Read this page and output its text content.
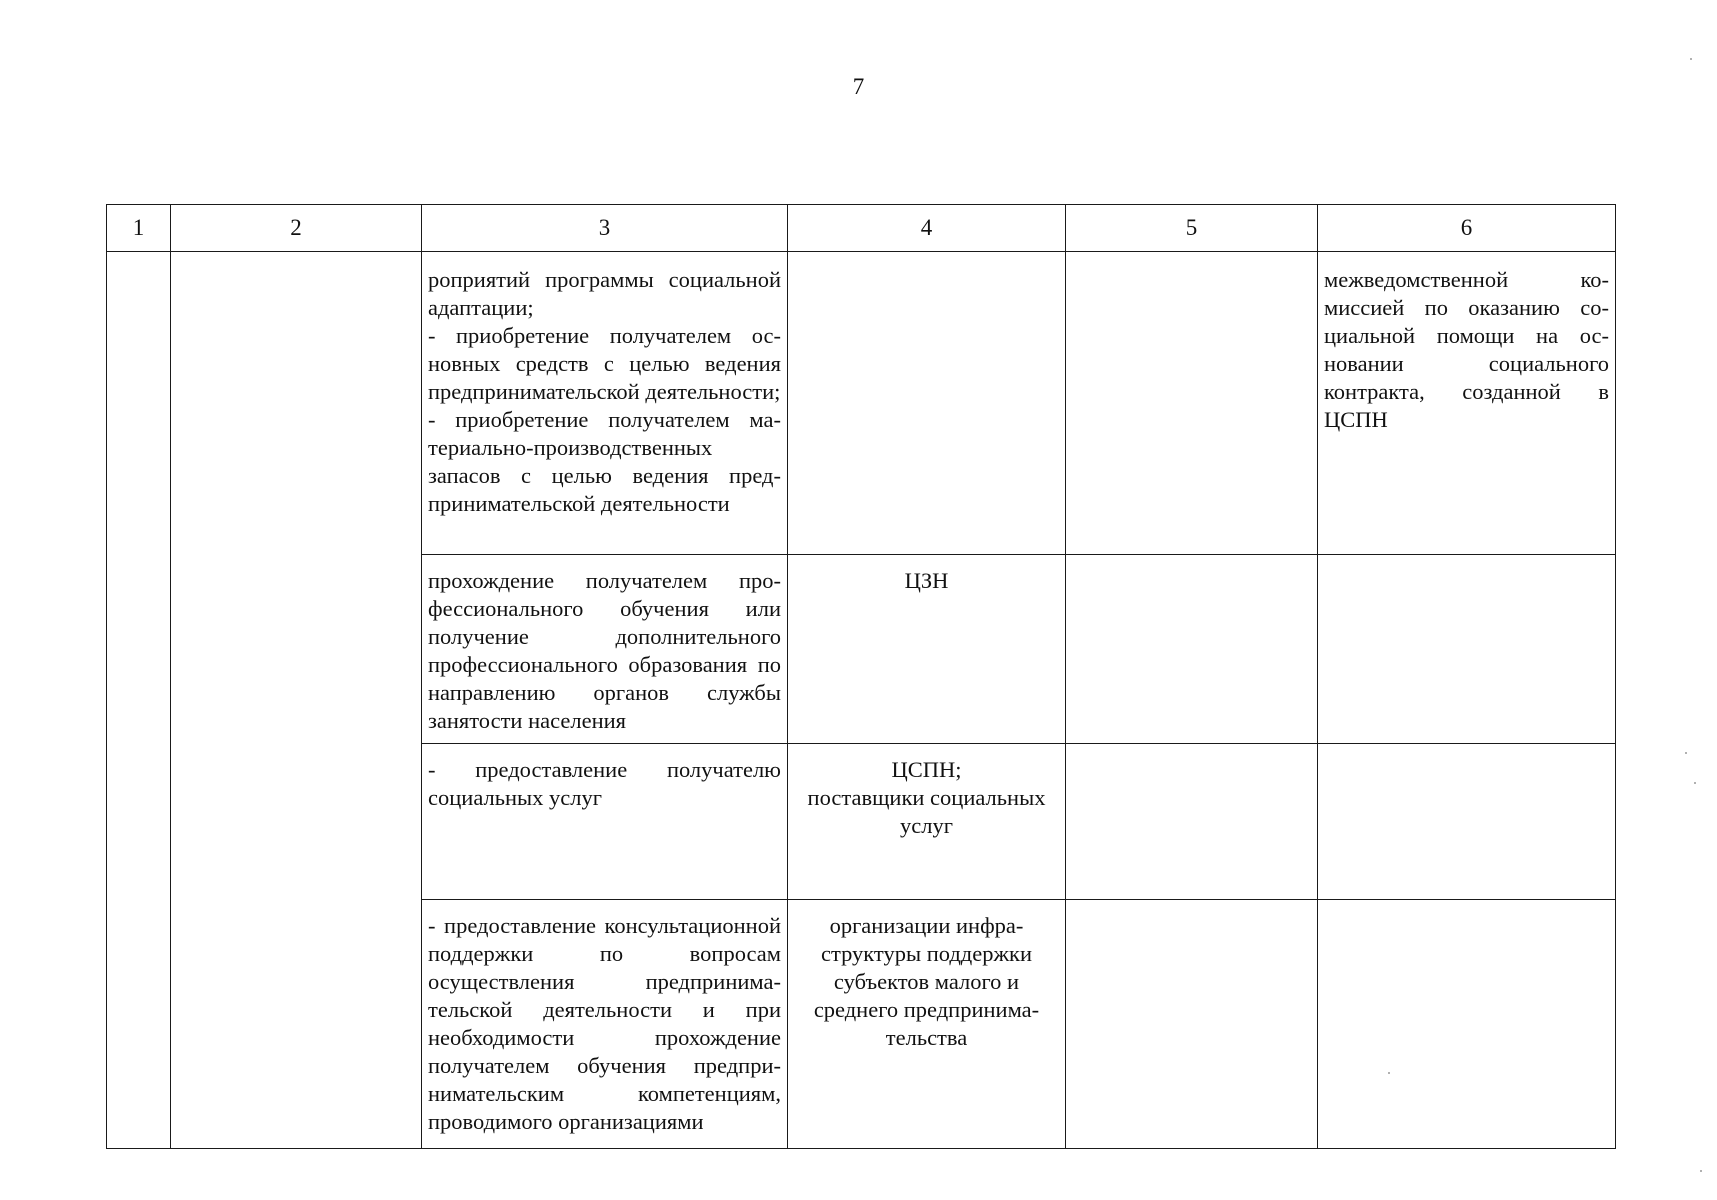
7
1	2	3	4	5	6

		роприятий программы социальной адаптации;
- приобретение получателем основных средств с целью ведения предпринимательской деятельности;
- приобретение получателем материально-производственных запасов с целью ведения предпринимательской деятельности			межведомственной комиссией по оказанию социальной помощи на основании социального контракта, созданной в ЦСПН

		прохождение получателем профессионального обучения или получение дополнительного профессионального образования по направлению органов службы занятости населения	ЦЗН		

		- предоставление получателю социальных услуг	ЦСПН;
поставщики социальных услуг		

		- предоставление консультационной поддержки по вопросам осуществления предпринимательской деятельности и при необходимости прохождение получателем обучения предпринимательским компетенциям, проводимого организациями	организации инфраструктуры поддержки субъектов малого и среднего предпринимательства		
